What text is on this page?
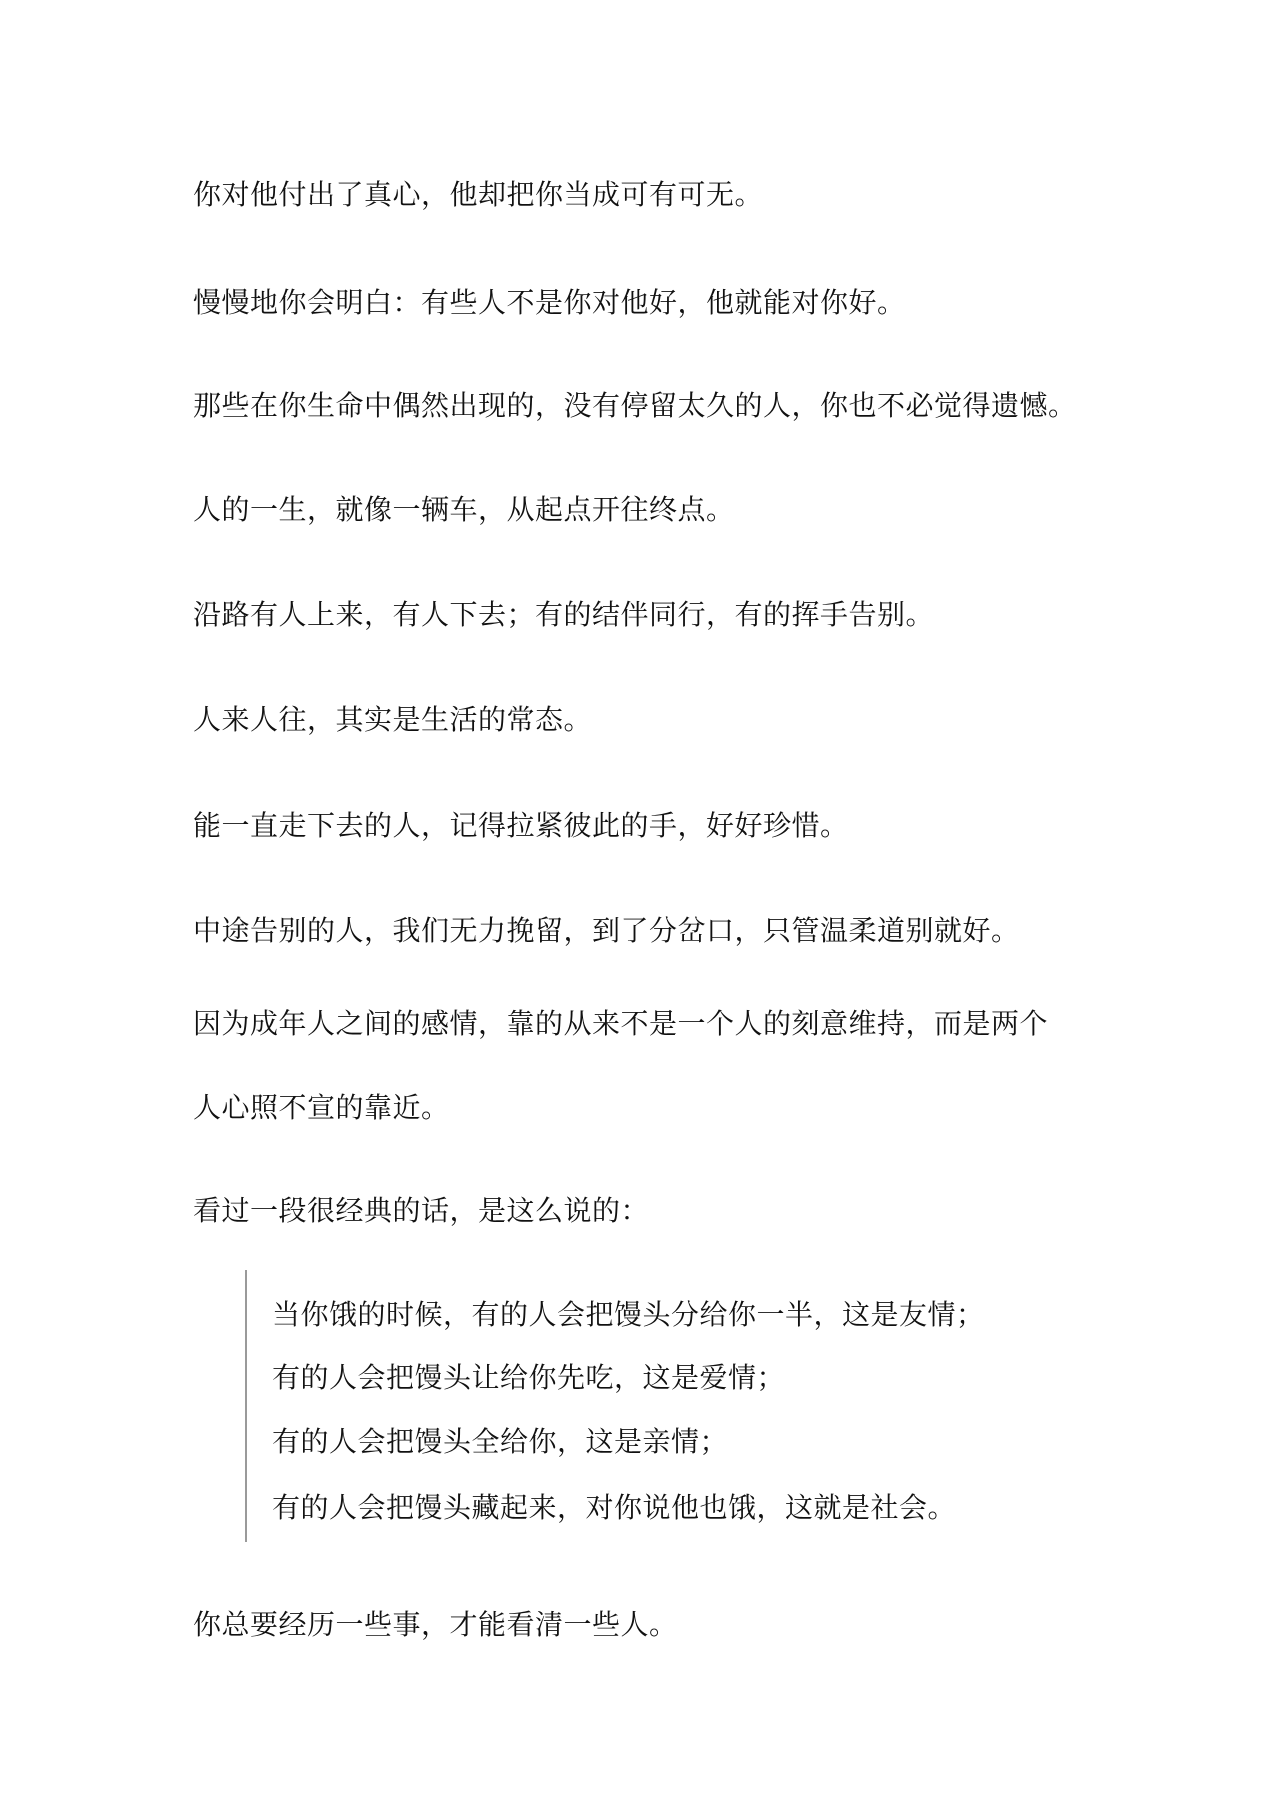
你对他付出了真心，他却把你当成可有可无。

慢慢地你会明白：有些人不是你对他好，他就能对你好。

那些在你生命中偶然出现的，没有停留太久的人，你也不必觉得遗憾。

人的一生，就像一辆车，从起点开往终点。

沿路有人上来，有人下去；有的结伴同行，有的挥手告别。

人来人往，其实是生活的常态。

能一直走下去的人，记得拉紧彼此的手，好好珍惜。

中途告别的人，我们无力挽留，到了分岔口，只管温柔道别就好。

因为成年人之间的感情，靠的从来不是一个人的刻意维持，而是两个

人心照不宣的靠近。

看过一段很经典的话，是这么说的：

当你饿的时候，有的人会把馒头分给你一半，这是友情；

有的人会把馒头让给你先吃，这是爱情；

有的人会把馒头全给你，这是亲情；

有的人会把馒头藏起来，对你说他也饿，这就是社会。

你总要经历一些事，才能看清一些人。
